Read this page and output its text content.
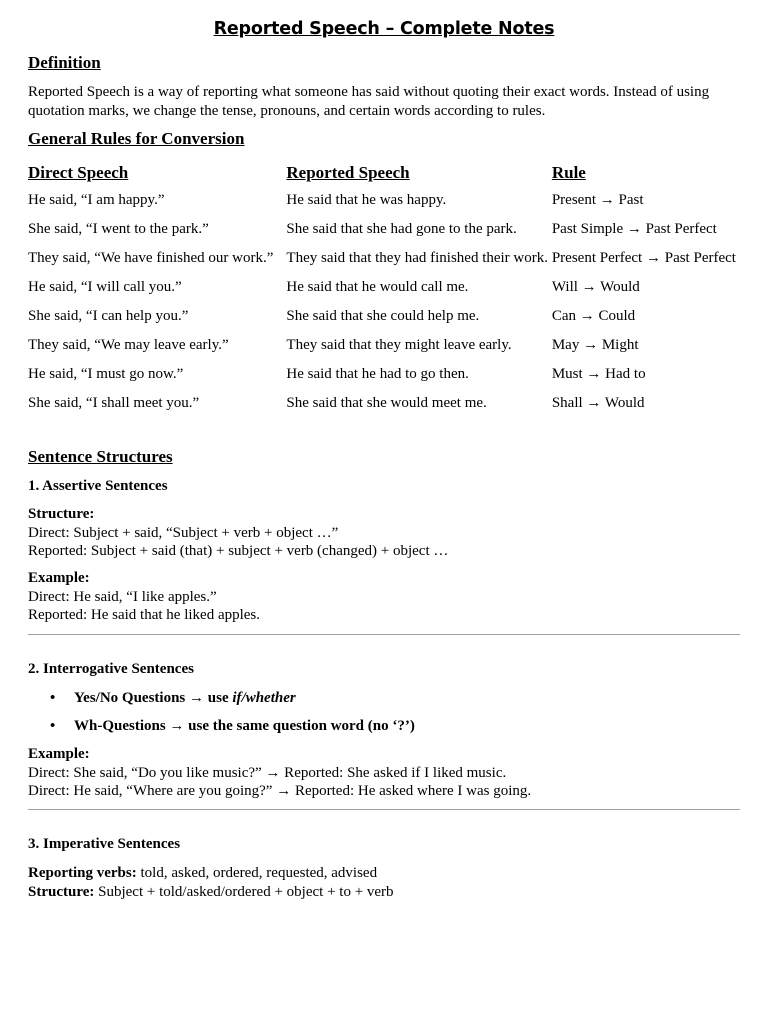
Reported Speech – Complete Notes
Definition

Reported Speech is a way of reporting what someone has said without quoting their exact words. Instead of using quotation marks, we change the tense, pronouns, and certain words according to rules.

General Rules for Conversion
Direct Speech	Reported Speech	Rule
He said, “I am happy.”	He said that he was happy.	Present → Past
She said, “I went to the park.”	She said that she had gone to the park.	Past Simple → Past Perfect
They said, “We have finished our work.”	They said that they had finished their work.	Present Perfect → Past Perfect
He said, “I will call you.”	He said that he would call me.	Will → Would
She said, “I can help you.”	She said that she could help me.	Can → Could
They said, “We may leave early.”	They said that they might leave early.	May → Might
He said, “I must go now.”	He said that he had to go then.	Must → Had to
She said, “I shall meet you.”	She said that she would meet me.	Shall → Would
Sentence Structures
1. Assertive Sentences
Structure:
Direct: Subject + said, “Subject + verb + object …”
Reported: Subject + said (that) + subject + verb (changed) + object …
Example:
Direct: He said, “I like apples.”
Reported: He said that he liked apples.
2. Interrogative Sentences
• Yes/No Questions → use if/whether
• Wh-Questions → use the same question word (no ‘?’)
Example:
Direct: She said, “Do you like music?” → Reported: She asked if I liked music.
Direct: He said, “Where are you going?” → Reported: He asked where I was going.
3. Imperative Sentences
Reporting verbs: told, asked, ordered, requested, advised
Structure: Subject + told/asked/ordered + object + to + verb
